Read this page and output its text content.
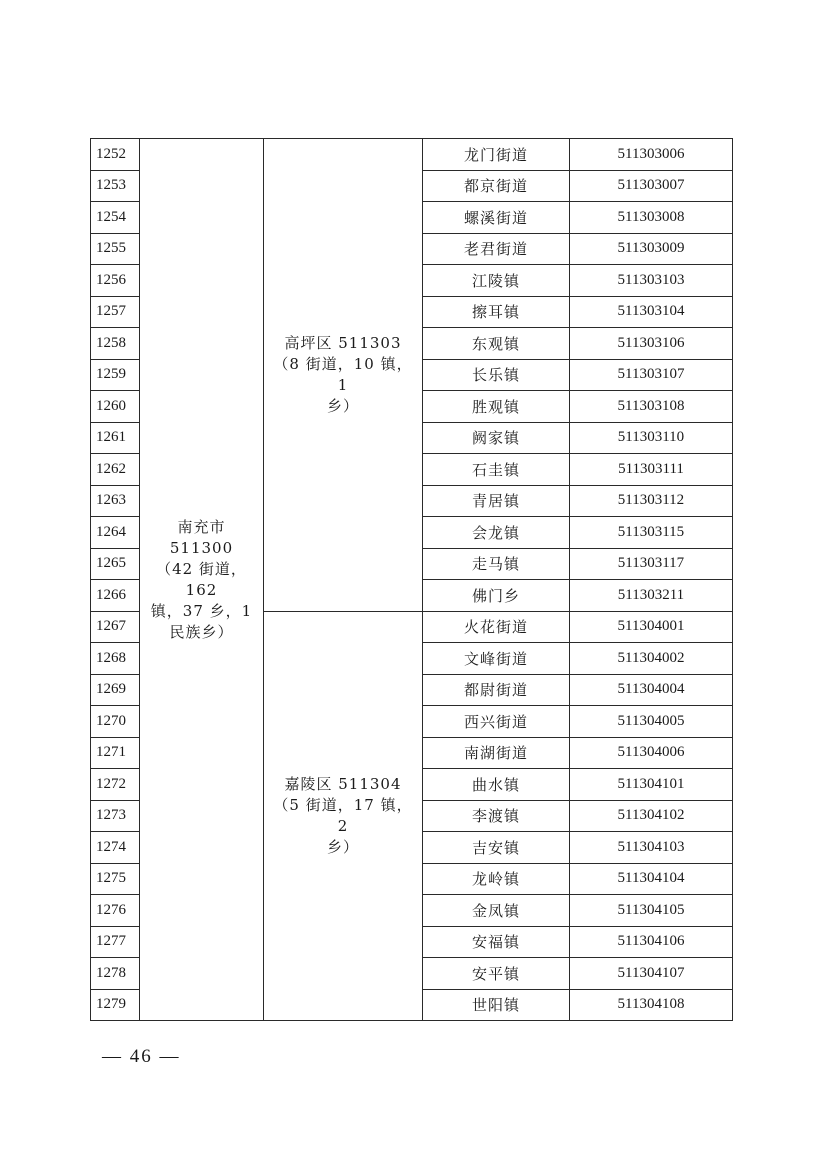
1252	南充市 511300
（42 街道，162
镇，37 乡，1
民族乡）	高坪区 511303
（8 街道，10 镇，1
乡）	龙门街道	511303006
1253			都京街道	511303007
1254			螺溪街道	511303008
1255			老君街道	511303009
1256			江陵镇	511303103
1257			擦耳镇	511303104
1258			东观镇	511303106
1259			长乐镇	511303107
1260			胜观镇	511303108
1261			阙家镇	511303110
1262			石圭镇	511303111
1263			青居镇	511303112
1264			会龙镇	511303115
1265			走马镇	511303117
1266			佛门乡	511303211
1267		嘉陵区 511304
（5 街道，17 镇，2
乡）	火花街道	511304001
1268			文峰街道	511304002
1269			都尉街道	511304004
1270			西兴街道	511304005
1271			南湖街道	511304006
1272			曲水镇	511304101
1273			李渡镇	511304102
1274			吉安镇	511304103
1275			龙岭镇	511304104
1276			金凤镇	511304105
1277			安福镇	511304106
1278			安平镇	511304107
1279			世阳镇	511304108
— 46 —
